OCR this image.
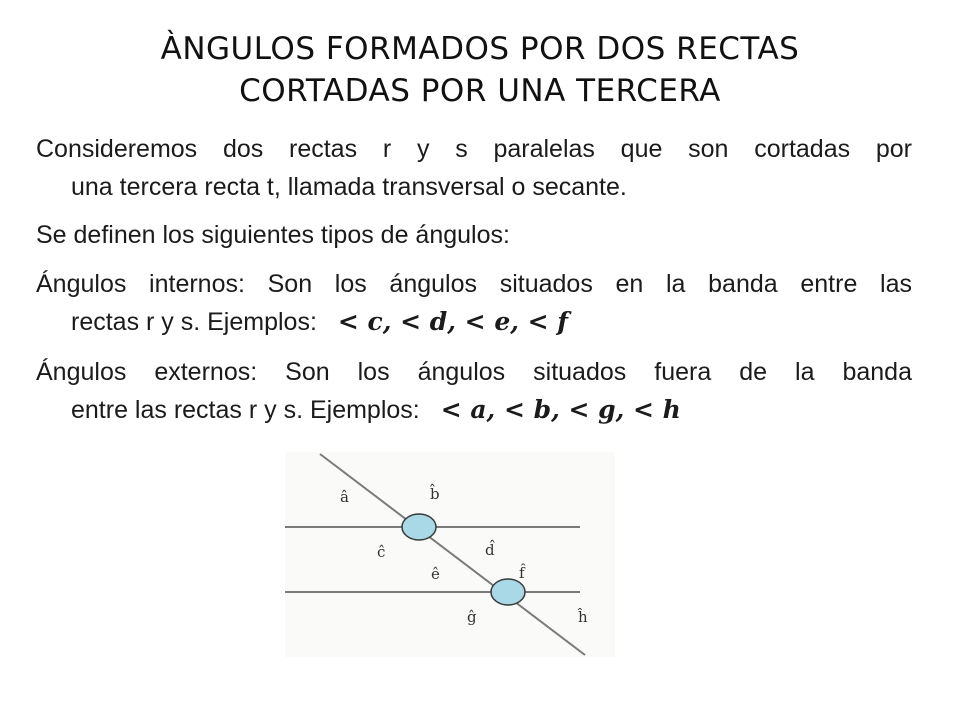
ÀNGULOS FORMADOS POR DOS RECTAS
CORTADAS POR UNA TERCERA
Consideremos dos rectas r y s paralelas que son cortadas por
una tercera recta t, llamada transversal o secante.
Se definen los siguientes tipos de ángulos:
Ángulos internos: Son los ángulos situados en la banda entre las
rectas r y s. Ejemplos: < c, < d, < e, < f
Ángulos externos: Son los ángulos situados fuera de la banda
entre las rectas r y s. Ejemplos: < a, < b, < g, < h
â	b̂
ĉ	d̂
ê	f̂
ĝ	ĥ
